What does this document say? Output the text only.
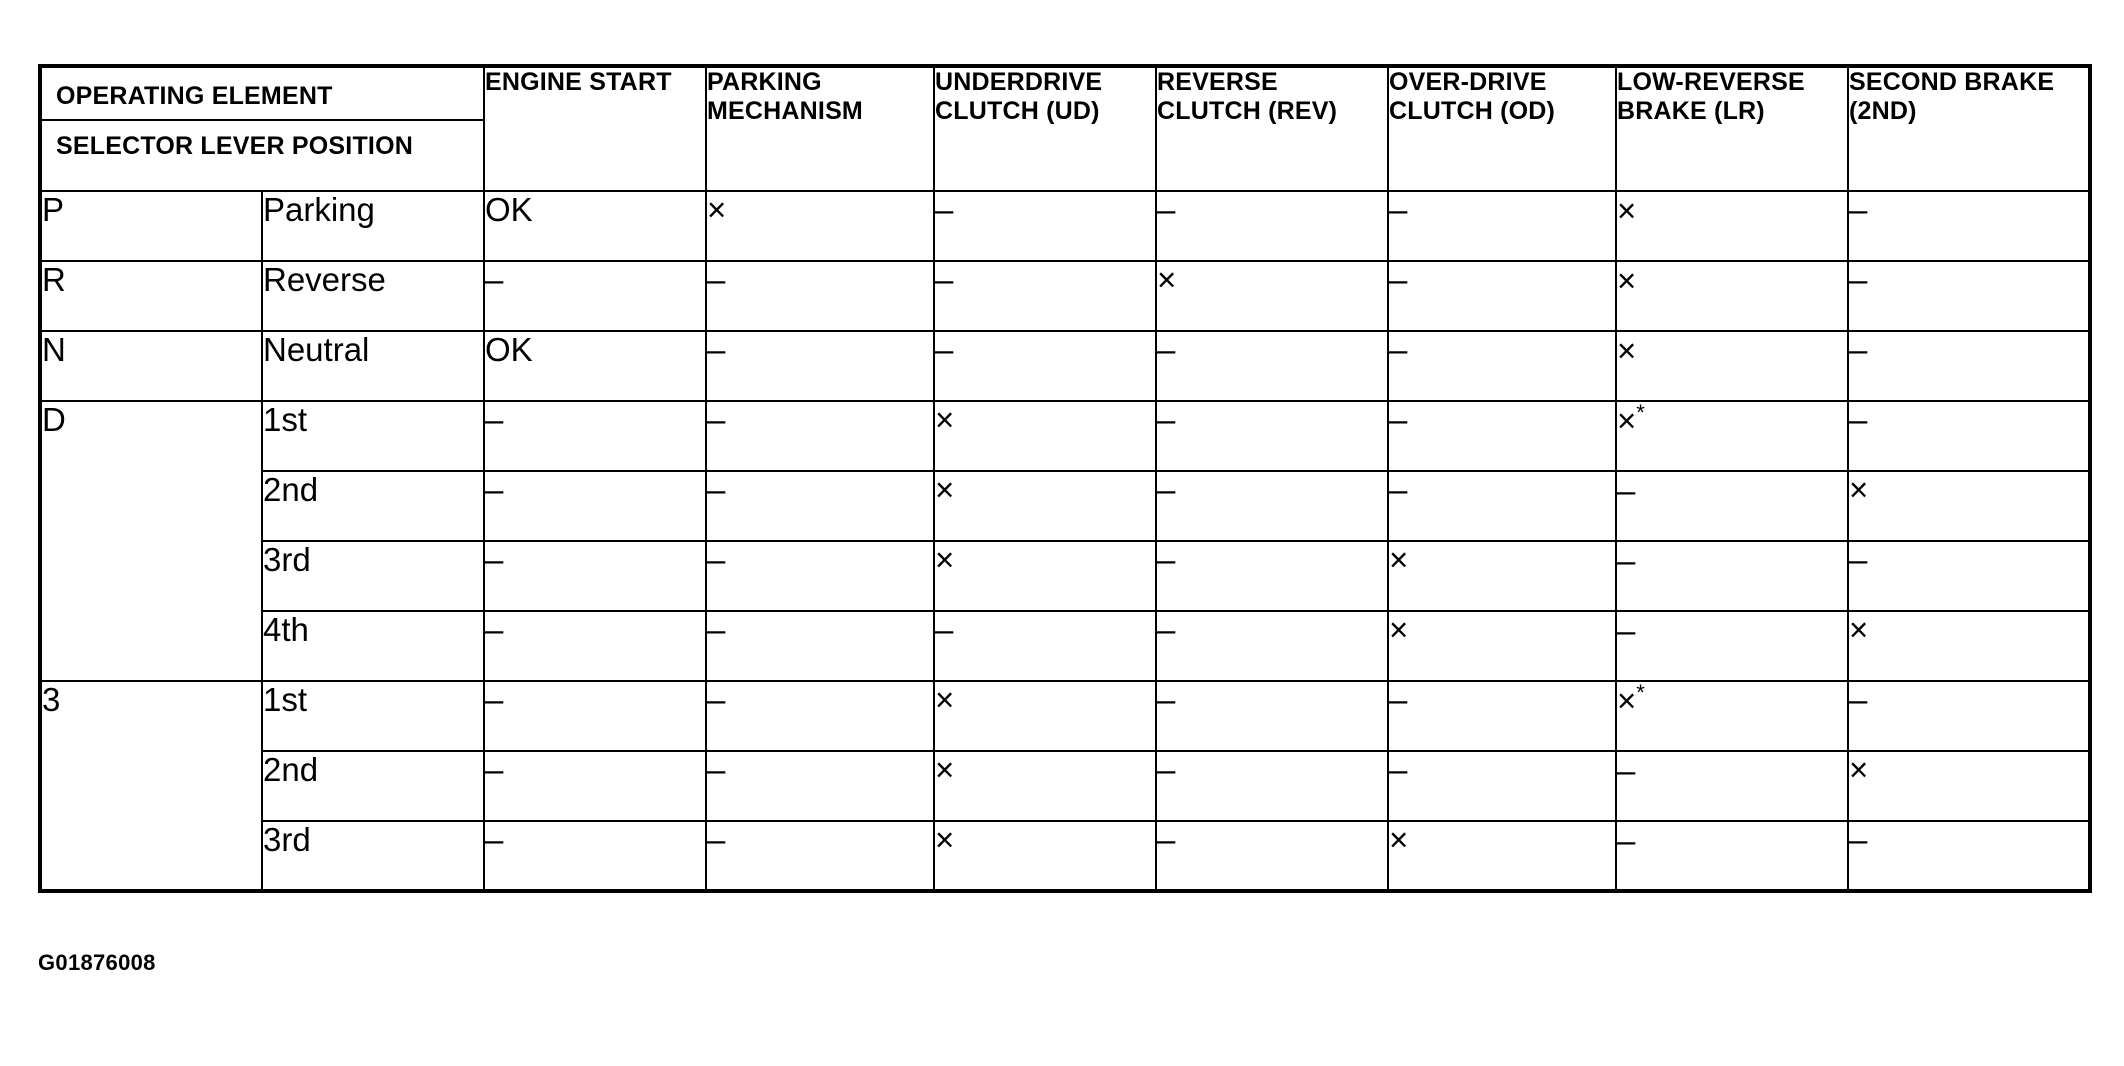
OPERATING ELEMENT
SELECTOR LEVER POSITION		ENGINE START	PARKING MECHANISM	UNDERDRIVE CLUTCH (UD)	REVERSE CLUTCH (REV)	OVER-DRIVE CLUTCH (OD)	LOW-REVERSE BRAKE (LR)	SECOND BRAKE (2ND)
P	Parking	OK	×	–	–	–	×	–
R	Reverse	–	–	–	×	–	×	–
N	Neutral	OK	–	–	–	–	×	–
D	1st	–	–	×	–	–	×*	–
	2nd	–	–	×	–	–	–	×
	3rd	–	–	×	–	×	–	–
	4th	–	–	–	–	×	–	×
3	1st	–	–	×	–	–	×*	–
	2nd	–	–	×	–	–	–	×
	3rd	–	–	×	–	×	–	–
G01876008
